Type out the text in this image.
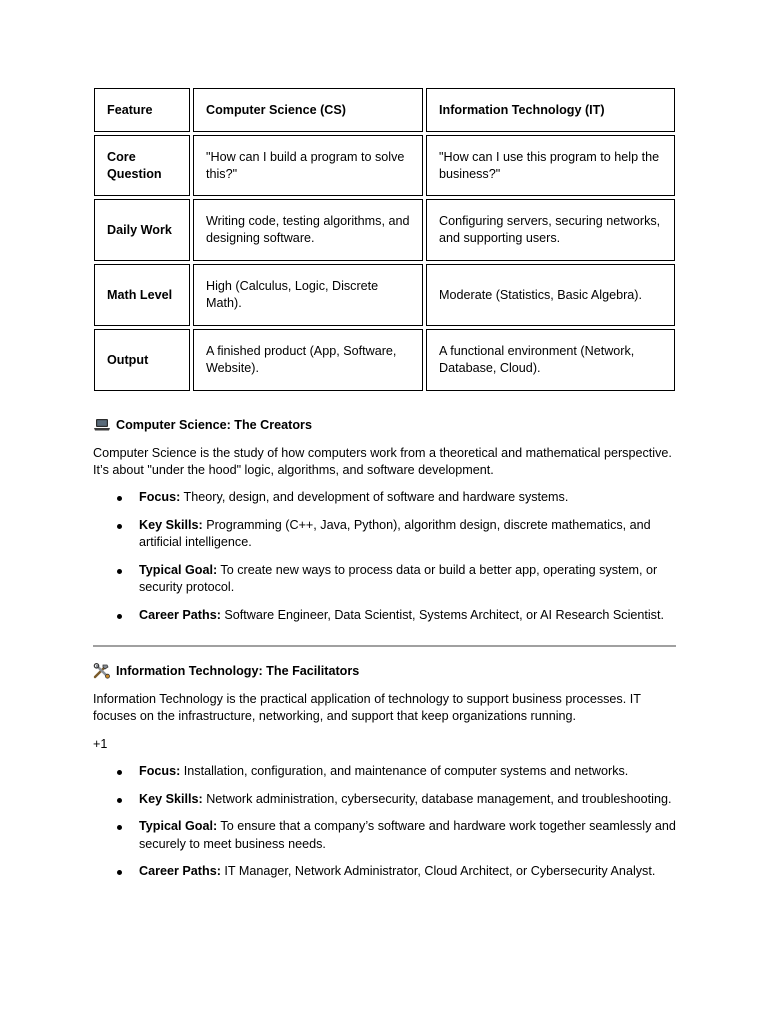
Feature	Computer Science (CS)	Information Technology (IT)
Core Question
"How can I build a program to solve this?"
"How can I use this program to help the business?"
Daily Work
Writing code, testing algorithms, and designing software.
Configuring servers, securing networks, and supporting users.
Math Level
High (Calculus, Logic, Discrete Math).
Moderate (Statistics, Basic Algebra).
Output
A finished product (App, Software, Website).
A functional environment (Network, Database, Cloud).
Computer Science: The Creators
Computer Science is the study of how computers work from a theoretical and mathematical perspective. It’s about "under the hood" logic, algorithms, and software development.
Focus: Theory, design, and development of software and hardware systems.
Key Skills: Programming (C++, Java, Python), algorithm design, discrete mathematics, and artificial intelligence.
Typical Goal: To create new ways to process data or build a better app, operating system, or security protocol.
Career Paths: Software Engineer, Data Scientist, Systems Architect, or AI Research Scientist.
Information Technology: The Facilitators
Information Technology is the practical application of technology to support business processes. IT focuses on the infrastructure, networking, and support that keep organizations running.
+1
Focus: Installation, configuration, and maintenance of computer systems and networks.
Key Skills: Network administration, cybersecurity, database management, and troubleshooting.
Typical Goal: To ensure that a company’s software and hardware work together seamlessly and securely to meet business needs.
Career Paths: IT Manager, Network Administrator, Cloud Architect, or Cybersecurity Analyst.
